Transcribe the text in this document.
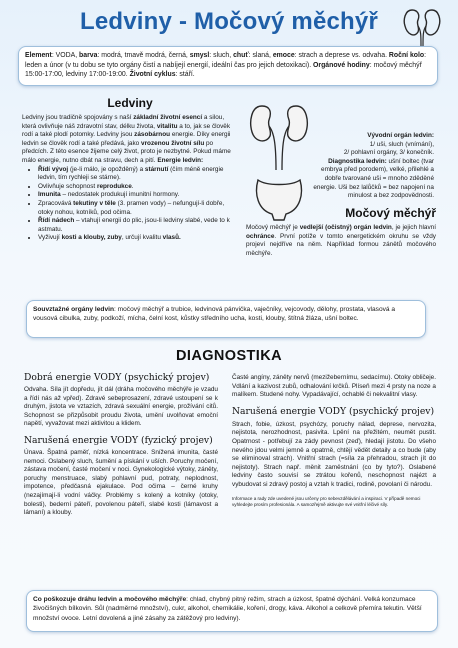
Ledviny - Močový měchýř

Element: VODA, barva: modrá, tmavě modrá, černá, smysl: sluch, chuť: slaná, emoce: strach a deprese vs. odvaha. Roční kolo: leden a únor (v tu dobu se tyto orgány čistí a nabíjejí energií, ideální čas pro jejich detoxikaci). Orgánové hodiny: močový měchýř 15:00-17:00, ledviny 17:00-19:00. Životní cyklus: stáří.

Ledviny

Ledviny jsou tradičně spojovány s naší základní životní esencí a silou, která ovlivňuje náš zdravotní stav, délku života, vitalitu a to, jak se člověk rodí a také plodí potomky. Ledviny jsou zásobárnou energie. Díky energii ledvin se člověk rodí a také předává, jako vrozenou životní sílu po předcích. Z této esence žijeme celý život, proto je nezbytné. Pokud máme málo energie, nutno dbát na stravu, dech a pití. Energie ledvin:

• Řídí vývoj (je-li málo, je opožděný) a stárnutí (čím méně energie ledvin, tím rychleji se stárne).
• Ovlivňuje schopnost reprodukce.
• Imunita – nedostatek produkují imunitní hormony.
• Zpracovává tekutiny v těle (3. pramen vody) – nefungují-li dobře, otoky nohou, kotníků, pod očima.
• Řídí nádech – vtahují energii do plic, jsou-li ledviny slabé, vede to k astmatu.
• Vyživují kosti a klouby, zuby, určují kvalitu vlasů.

Vývodní orgán ledvin:

1/ uši, sluch (vnímání),

2/ pohlavní orgány, 3/ konečník.

Diagnostika ledvin: ušní boltec (tvar embrya před porodem), velké, přilehlé a dobře tvarované uši = mnoho zděděné energie. Uši bez lalůčků = bez napojení na minulost a bez zodpovědnosti.

Močový měchýř

Močový měchýř je vedlejší (očistný) orgán ledvin, je jejich hlavní ochránce. První potíže v tomto energetickém okruhu se vždy projeví nejdříve na něm. Například formou zánětů močového měchýře.

Souvztažné orgány ledvin: močový měchýř a trubice, ledvinová pánvička, vaječníky, vejcovody, dělohy, prostata, vlasová a vousová cibulka, zuby, podkoží, mícha, čelní kost, kůstky středního ucha, kosti, klouby, štítná žláza, ušní boltec.

DIAGNOSTIKA

Dobrá energie VODY (psychický projev)

Odvaha. Síla jít dopředu, jít dál (dráha močového měchýře je vzadu a řídí nás až vpřed). Zdravé sebeprosazení, zdravé ustoupení se k druhým, jistota ve vztazích, zdravá sexuální energie, prožívání citů. Schopnost se přizpůsobit proudu života, umění uvolňovat emoční napětí, vyvažovat mezi aktivitou a klidem.

Narušená energie VODY (fyzický projev)

Únava. Špatná paměť, nízká koncentrace. Snížená imunita, časté nemoci. Oslabený sluch, šumění a pískání v uších. Poruchy močení, zástava močení, časté močení v noci. Gynekologické výtoky, záněty, poruchy menstruace, slabý pohlavní pud, potraty, neplodnost, impotence, předčasná ejakulace. Pod očima – černé kruhy (nezajímají-li vodní váčky. Problémy s kolený a kotníky (otoky, bolesti), bederní páteří, povolenou páteří, slabé kosti (lámavost a lámaní) a klouby.

Časté angíny, záněty nervů (mezižebernímu, sedacímu). Otoky obličeje. Vdlání a kazivost zubů, odhalování krčků. Plíseň mezi 4 prsty na noze a malíkem. Studené nohy. Vypadávající, ochablé či nekvalitní vlasy.

Narušená energie VODY (psychický projev)

Strach, fobie, úzkost, psychózy, poruchy nálad, deprese, nervozita, nejistota, nerozhodnost, pasivita. Lpění na přežitém, neumět pustit. Opatrnost - potřebují za zády pevnost (zeď), hledají jistotu. Do všeho nevého jdou velmi jemně a opatrně, chtějí vědět detaily a co bude (aby se eliminoval strach). Vnitřní strach (=síla za přehradou, strach jít do nejistoty). Strach např. měnit zaměstnání (co by tyto?). Oslabené ledviny často souvisí se ztrátou kořenů, neschopnost najézt a vybudovat si zdravý postoj a vztah k tradici, rodině, povolaní či národu.

Informace a rady zde uvedené jsou určeny pro sebevzdělávání a inspiraci. V případě nemoci vyhledejte prosím profesionála. A samozřejmě aktivujte své vnitřní léčivé síly.

Co poškozuje dráhu ledvin a močového měchýře: chlad, chybný pitný režim, strach a úzkost, špatné dýchání. Velká konzumace živočišných bílkovin. Sůl (nadměrné množství), cukr, alkohol, chemikálie, koření, drogy, káva. Alkohol a celkově přemíra tekutin. Větší množství ovoce. Letní dovolená a jiné zásahy za zátěžový pro ledviny).
